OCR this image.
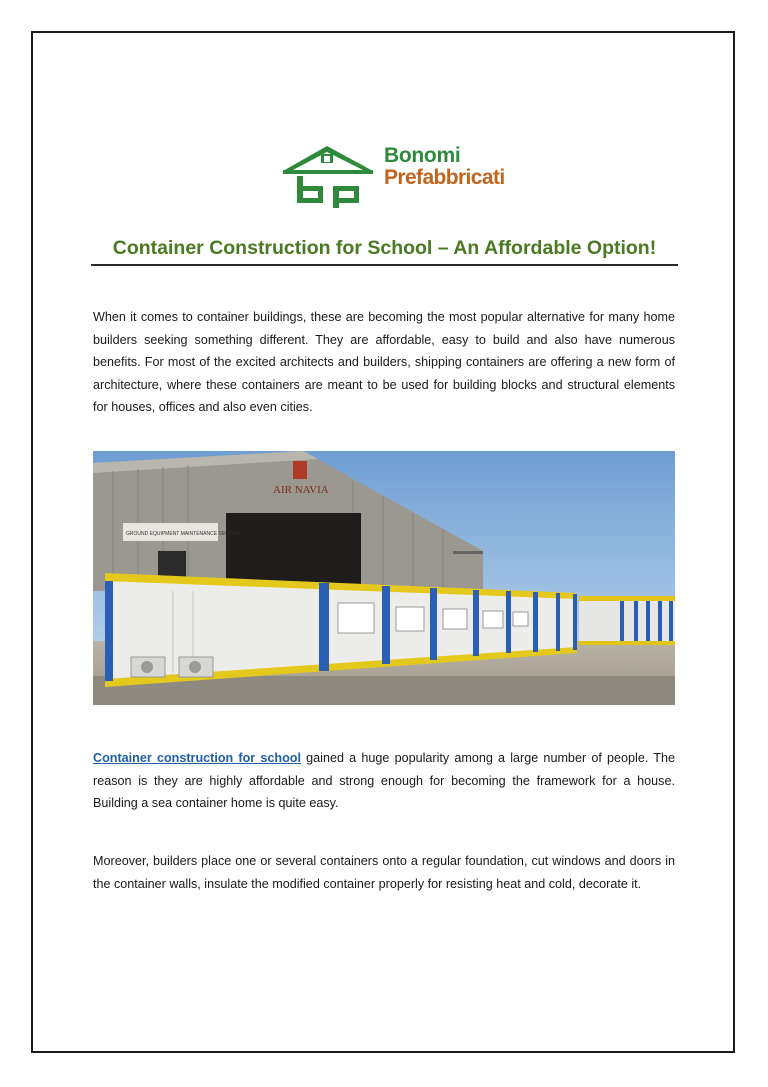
Bonomi
Prefabbricati
Container Construction for School – An Affordable Option!

When it comes to container buildings, these are becoming the most popular alternative for many home builders seeking something different. They are affordable, easy to build and also have numerous benefits. For most of the excited architects and builders, shipping containers are offering a new form of architecture, where these containers are meant to be used for building blocks and structural elements for houses, offices and also even cities.

GROUND EQUIPMENT MAINTENANCE SECTION
AIR NAVIA

Container construction for school gained a huge popularity among a large number of people. The reason is they are highly affordable and strong enough for becoming the framework for a house. Building a sea container home is quite easy.

Moreover, builders place one or several containers onto a regular foundation, cut windows and doors in the container walls, insulate the modified container properly for resisting heat and cold, decorate it.
